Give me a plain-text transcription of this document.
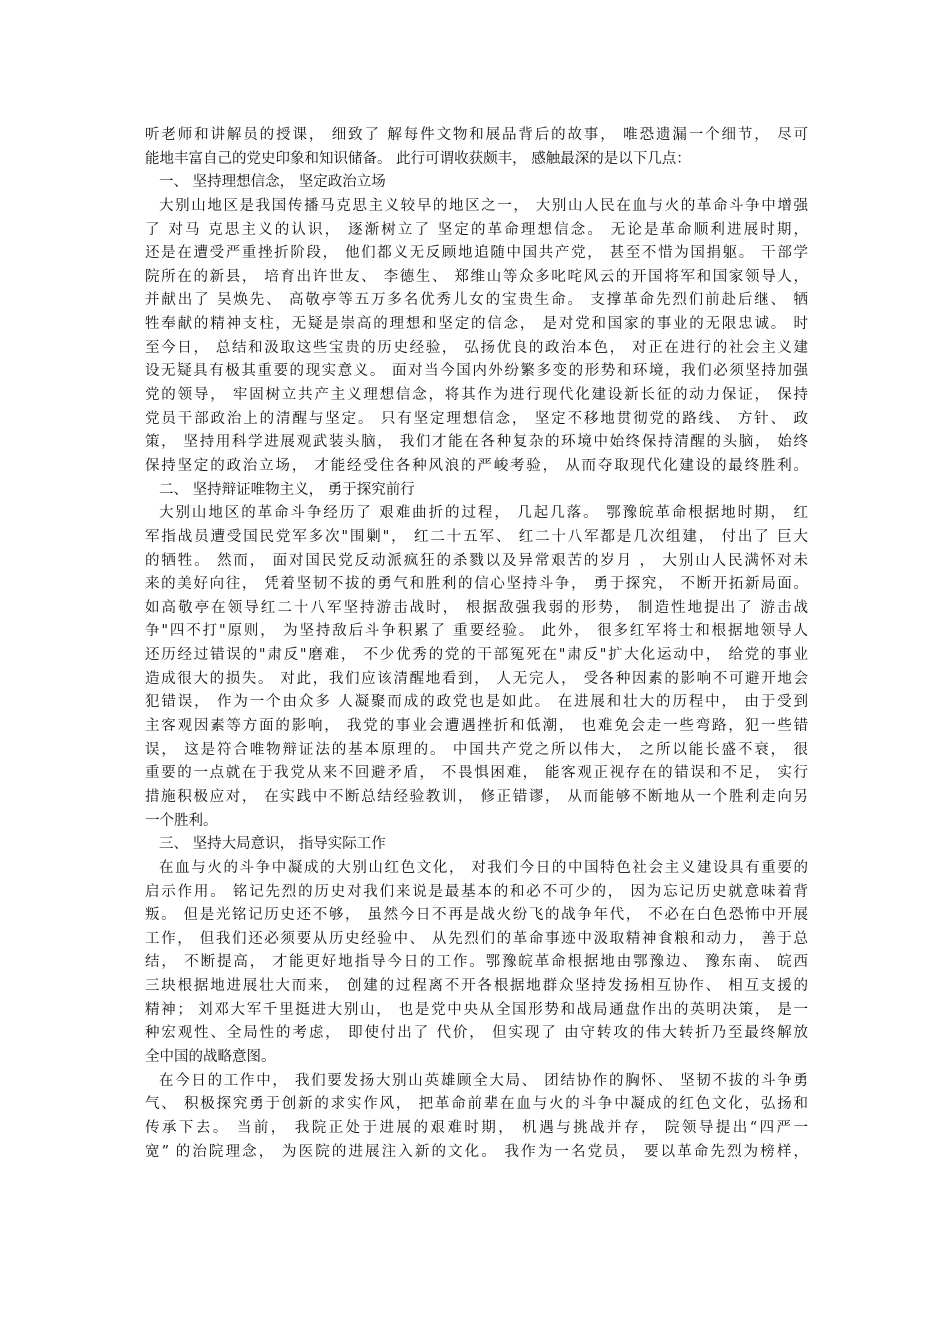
听老师和讲解员的授课， 细致了 解每件文物和展品背后的故事， 唯恐遗漏一个细节， 尽可
能地丰富自己的党史印象和知识储备。 此行可谓收获颇丰， 感触最深的是以下几点：
一、 坚持理想信念， 坚定政治立场
大别山地区是我国传播马克思主义较早的地区之一， 大别山人民在血与火的革命斗争中增强
了 对马 克思主义的认识， 逐渐树立了 坚定的革命理想信念。 无论是革命顺利进展时期，
还是在遭受严重挫折阶段， 他们都义无反顾地追随中国共产党， 甚至不惜为国捐躯。 干部学
院所在的新县， 培育出许世友、 李德生、 郑维山等众多叱咤风云的开国将军和国家领导人，
并献出了 吴焕先、 高敬亭等五万多名优秀儿女的宝贵生命。 支撑革命先烈们前赴后继、 牺
牲奉献的精神支柱，无疑是崇高的理想和坚定的信念， 是对党和国家的事业的无限忠诚。 时
至今日， 总结和汲取这些宝贵的历史经验， 弘扬优良的政治本色， 对正在进行的社会主义建
设无疑具有极其重要的现实意义。 面对当今国内外纷繁多变的形势和环境，我们必须坚持加强
党的领导， 牢固树立共产主义理想信念，将其作为进行现代化建设新长征的动力保证， 保持
党员干部政治上的清醒与坚定。 只有坚定理想信念， 坚定不移地贯彻党的路线、 方针、 政
策， 坚持用科学进展观武装头脑， 我们才能在各种复杂的环境中始终保持清醒的头脑， 始终
保持坚定的政治立场， 才能经受住各种风浪的严峻考验， 从而夺取现代化建设的最终胜利。
二、 坚持辩证唯物主义， 勇于探究前行
大别山地区的革命斗争经历了 艰难曲折的过程， 几起几落。 鄂豫皖革命根据地时期， 红
军指战员遭受国民党军多次"围剿"， 红二十五军、 红二十八军都是几次组建， 付出了 巨大
的牺牲。 然而， 面对国民党反动派疯狂的杀戮以及异常艰苦的岁月 ， 大别山人民满怀对未
来的美好向往， 凭着坚韧不拔的勇气和胜利的信心坚持斗争， 勇于探究， 不断开拓新局面。
如高敬亭在领导红二十八军坚持游击战时， 根据敌强我弱的形势， 制造性地提出了 游击战
争"四不打"原则， 为坚持敌后斗争积累了 重要经验。 此外， 很多红军将士和根据地领导人
还历经过错误的"肃反"磨难， 不少优秀的党的干部冤死在"肃反"扩大化运动中， 给党的事业
造成很大的损失。 对此，我们应该清醒地看到， 人无完人， 受各种因素的影响不可避开地会
犯错误， 作为一个由众多 人凝聚而成的政党也是如此。 在进展和壮大的历程中， 由于受到
主客观因素等方面的影响， 我党的事业会遭遇挫折和低潮， 也难免会走一些弯路，犯一些错
误， 这是符合唯物辩证法的基本原理的。 中国共产党之所以伟大， 之所以能长盛不衰， 很
重要的一点就在于我党从来不回避矛盾， 不畏惧困难， 能客观正视存在的错误和不足， 实行
措施积极应对， 在实践中不断总结经验教训， 修正错谬， 从而能够不断地从一个胜利走向另
一个胜利。
三、 坚持大局意识， 指导实际工作
在血与火的斗争中凝成的大别山红色文化， 对我们今日的中国特色社会主义建设具有重要的
启示作用。 铭记先烈的历史对我们来说是最基本的和必不可少的， 因为忘记历史就意味着背
叛。 但是光铭记历史还不够， 虽然今日不再是战火纷飞的战争年代， 不必在白色恐怖中开展
工作， 但我们还必须要从历史经验中、 从先烈们的革命事迹中汲取精神食粮和动力， 善于总
结， 不断提高， 才能更好地指导今日的工作。鄂豫皖革命根据地由鄂豫边、 豫东南、 皖西
三块根据地进展壮大而来， 创建的过程离不开各根据地群众坚持发扬相互协作、 相互支援的
精神； 刘邓大军千里挺进大别山， 也是党中央从全国形势和战局通盘作出的英明决策， 是一
种宏观性、全局性的考虑， 即使付出了 代价， 但实现了 由守转攻的伟大转折乃至最终解放
全中国的战略意图。
在今日的工作中， 我们要发扬大别山英雄顾全大局、 团结协作的胸怀、 坚韧不拔的斗争勇
气、 积极探究勇于创新的求实作风， 把革命前辈在血与火的斗争中凝成的红色文化，弘扬和
传承下去。 当前， 我院正处于进展的艰难时期， 机遇与挑战并存， 院领导提出“四严一
宽” 的治院理念， 为医院的进展注入新的文化。 我作为一名党员， 要以革命先烈为榜样，
